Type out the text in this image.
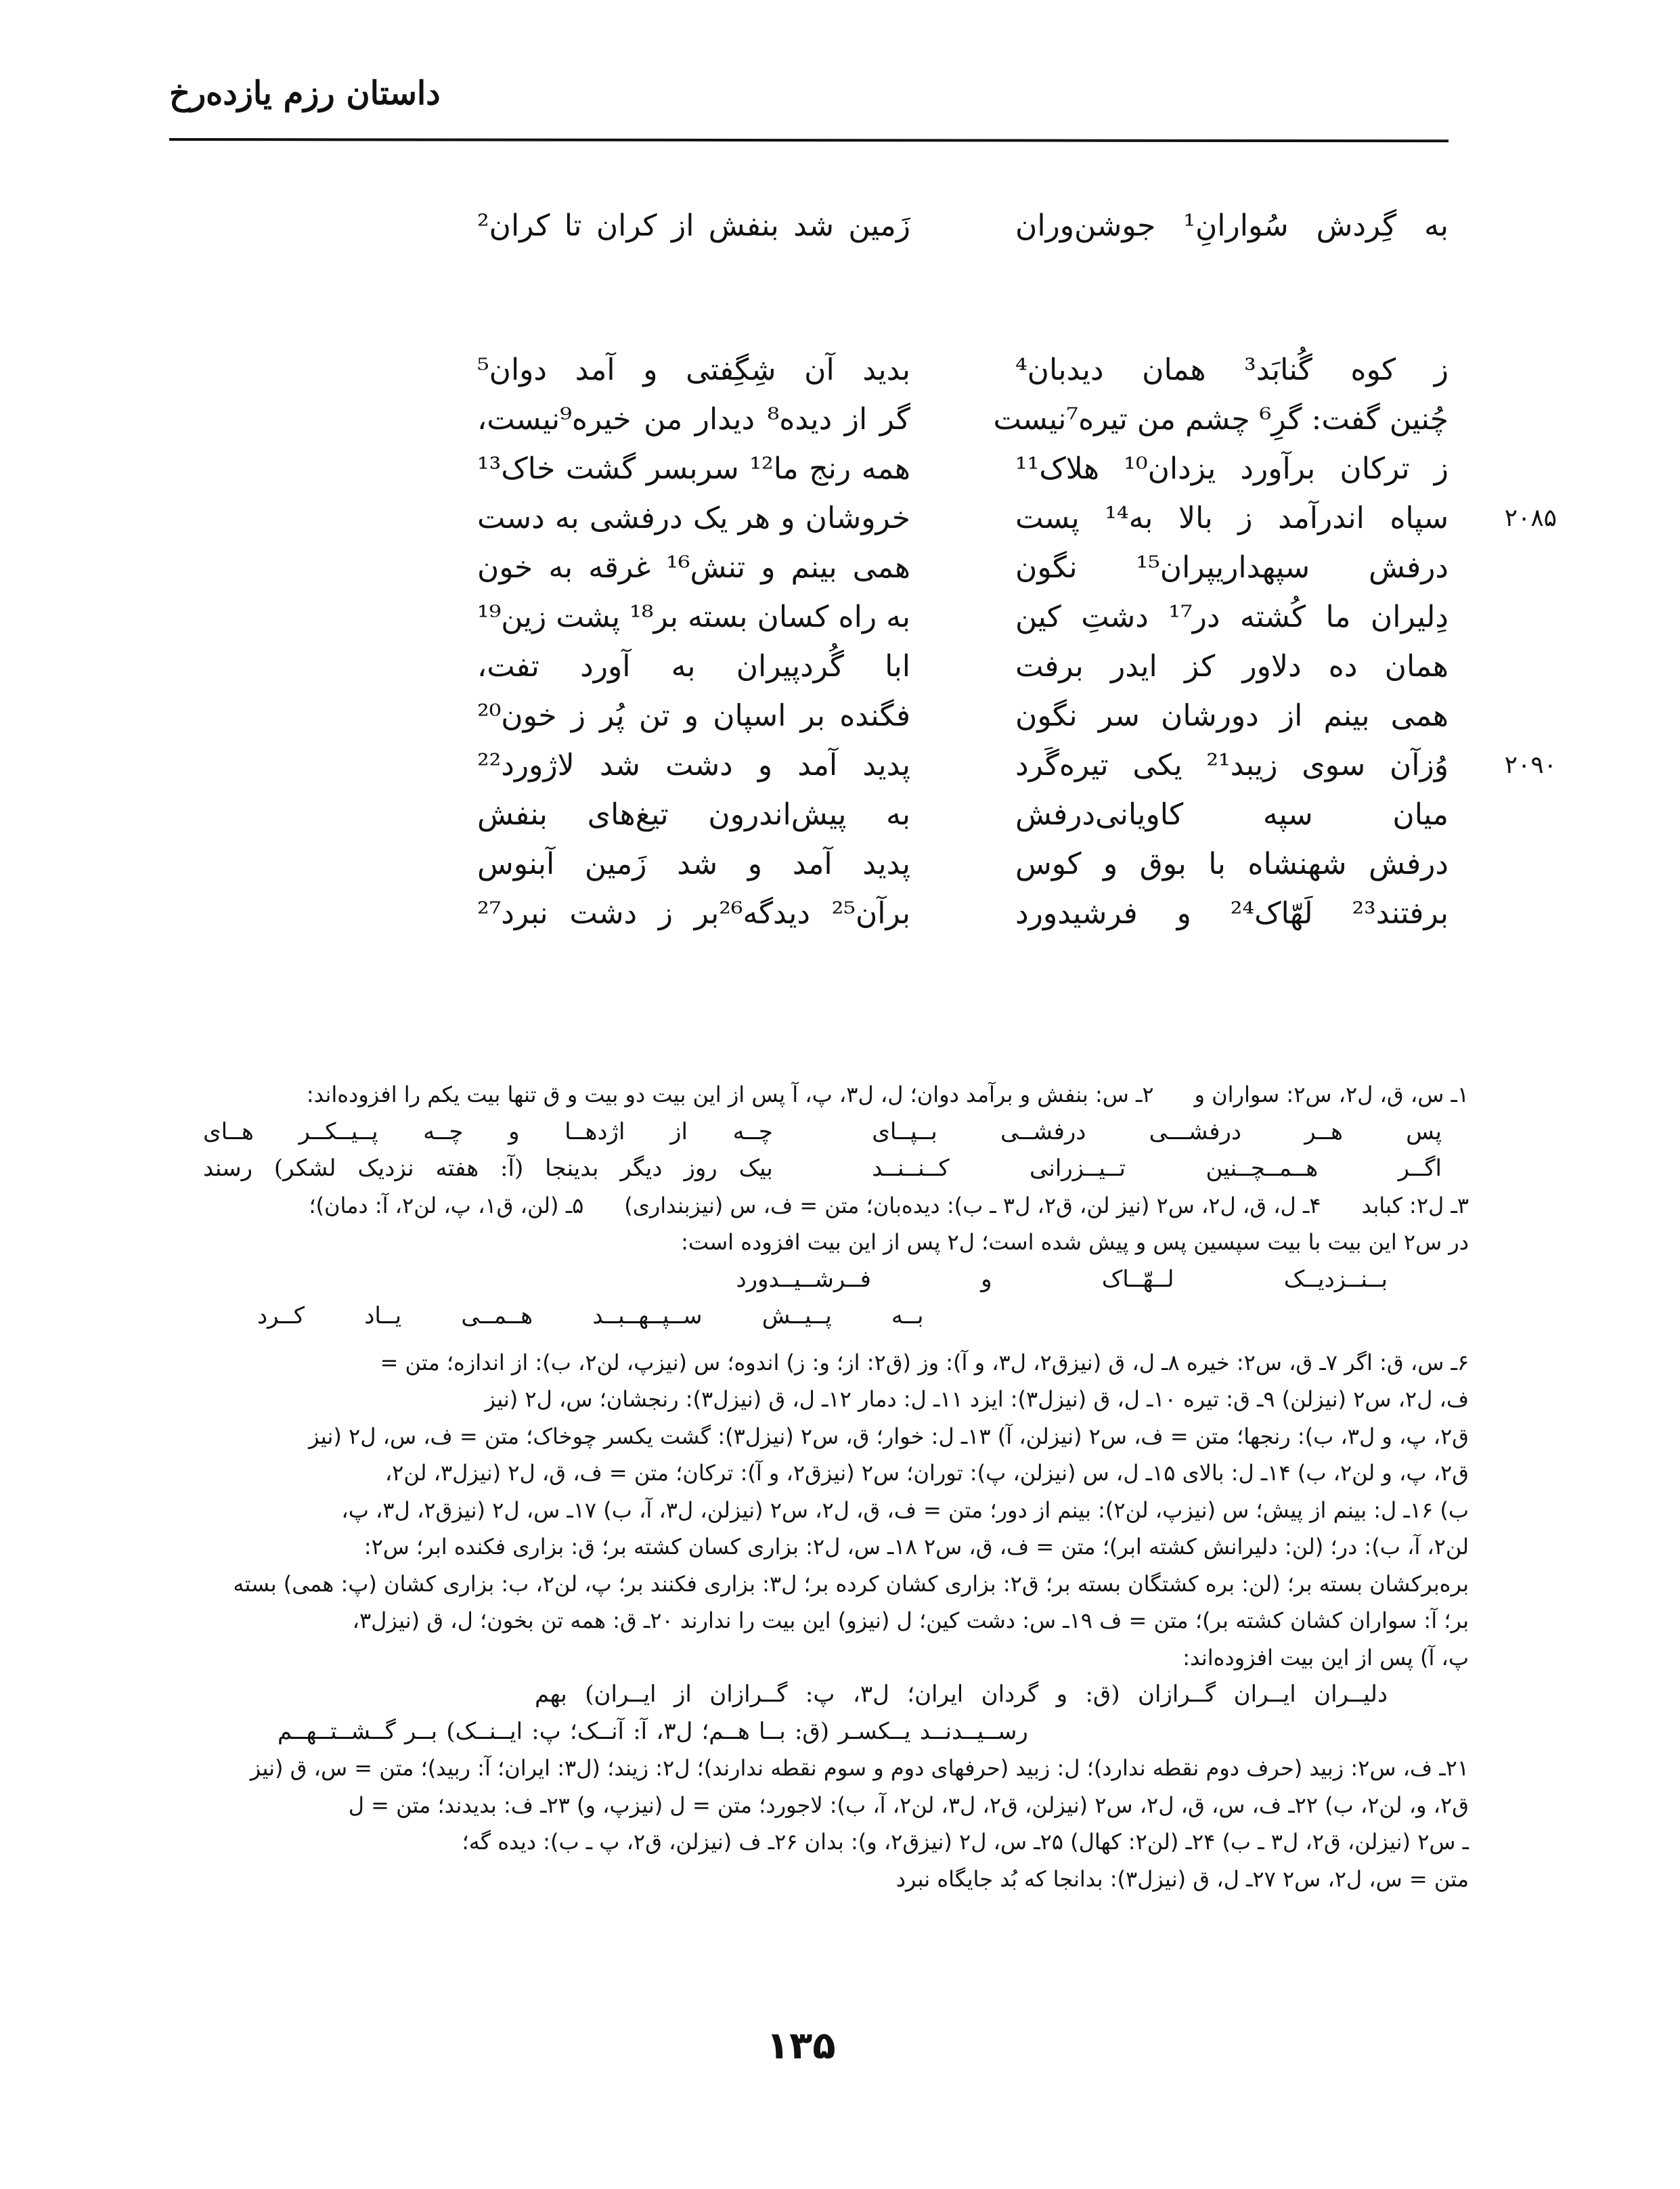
داستان رزم یازده‌رخ
به گِردش سُوارانِ¹ جوشن‌وران
زَمین شد بنفش از کران تا کران²
ز کوه گُنابَد³ همان دیدبان⁴
بدید آن شِگِفتی و آمد دوان⁵
چُنین گفت: گرِ⁶ چشم من تیره⁷نیست
گر از دیده⁸ دیدار من خیره⁹نیست،
ز ترکان برآورد یزدان¹⁰ هلاک¹¹
همه رنج ما¹² سربسر گشت خاک¹³
۲۰۸۵
سپاه اندرآمد ز بالا به¹⁴ پست
خروشان و هر یک درفشی به دست
درفش سپهداریپران¹⁵ نگون
همی بینم و تنش¹⁶ غرقه به خون
دِلیران ما کُشته در¹⁷ دشتِ کین
به راه کسان بسته بر¹⁸ پشت زین¹⁹
همان ده دلاور کز ایدر برفت
ابا گُردپیران به آورد تفت،
همی بینم از دورشان سر نگون
فگنده بر اسپان و تن پُر ز خون²⁰
۲۰۹۰
وُزآن سوی زیبد²¹ یکی تیره‌گَرد
پدید آمد و دشت شد لاژورد²²
میان سپه کاویانی‌درفش
به پیش‌اندرون تیغ‌های بنفش
درفش شهنشاه با بوق و کوس
پدید آمد و شد زَمین آبنوس
برفتند²³ لَهّاک²⁴ و فرشیدورد
برآن²⁵ دیدگه²⁶بر ز دشت نبرد²⁷
۱ـ س، ق، ل۲، س۲: سواران و۲ـ س: بنفش و برآمد دوان؛ ل، ل۳، پ، آ پس از این بیت دو بیت و ق تنها بیت یکم را افزوده‌اند:
پس هــر درفشـــی درفشــی بــپــای
چــه از اژدهــا و چــه پــیــکــر هــای
اگــر هــمــچــنین تــیــزرانی کــنــنــد
بیک روز دیگر بدینجا (آ: هفته نزدیک لشکر) رسند
۳ـ ل۲: کبابد۴ـ ل، ق، ل۲، س۲ (نیز لن، ق۲، ل۳ ـ ب): دیده‌بان؛ متن = ف، س (نیزبنداری)۵ـ (لن، ق۱، پ، لن۲، آ: دمان)؛
در س۲ این بیت با بیت سپسین پس و پیش شده است؛ ل۲ پس از این بیت افزوده است:
بــنــزدیــک لــهّــاک و فــرشــیــدورد
بــه پــیــش ســپــهــبــد هــمــی یــاد کــرد
۶ـ س، ق: اگر ۷ـ ق، س۲: خیره ۸ـ ل، ق (نیزق۲، ل۳، و آ): وز (ق۲: از؛ و: ز) اندوه؛ س (نیزپ، لن۲، ب): از اندازه؛ متن =
ف، ل۲، س۲ (نیزلن) ۹ـ ق: تیره ۱۰ـ ل، ق (نیزل۳): ایزد ۱۱ـ ل: دمار ۱۲ـ ل، ق (نیزل۳): رنجشان؛ س، ل۲ (نیز
ق۲، پ، و ل۳، ب): رنجها؛ متن = ف، س۲ (نیزلن، آ) ۱۳ـ ل: خوار؛ ق، س۲ (نیزل۳): گشت یکسر چوخاک؛ متن = ف، س، ل۲ (نیز
ق۲، پ، و لن۲، ب) ۱۴ـ ل: بالای ۱۵ـ ل، س (نیزلن، پ): توران؛ س۲ (نیزق۲، و آ): ترکان؛ متن = ف، ق، ل۲ (نیزل۳، لن۲،
ب) ۱۶ـ ل: بینم از پیش؛ س (نیزپ، لن۲): بینم از دور؛ متن = ف، ق، ل۲، س۲ (نیزلن، ل۳، آ، ب) ۱۷ـ س، ل۲ (نیزق۲، ل۳، پ،
لن۲، آ، ب): در؛ (لن: دلیرانش کشته ابر)؛ متن = ف، ق، س۲ ۱۸ـ س، ل۲: بزاری کسان کشته بر؛ ق: بزاری فکنده ابر؛ س۲:
بره‌برکشان بسته بر؛ (لن: بره کشتگان بسته بر؛ ق۲: بزاری کشان کرده بر؛ ل۳: بزاری فکنند بر؛ پ، لن۲، ب: بزاری کشان (پ: همی) بسته
بر؛ آ: سواران کشان کشته بر)؛ متن = ف ۱۹ـ س: دشت کین؛ ل (نیزو) این بیت را ندارند ۲۰ـ ق: همه تن بخون؛ ل، ق (نیزل۳،
پ، آ) پس از این بیت افزوده‌اند:
دلیــران ایــران گــرازان (ق: و گردان ایران؛ ل۳، پ: گــرازان از ایــران) بهم
رســیــدنــد یــکسـر (ق: بــا هــم؛ ل۳، آ: آنــک؛ پ: ایــنــک) بــر گــشــتــهــم
۲۱ـ ف، س۲: زبید (حرف دوم نقطه ندارد)؛ ل: زبید (حرفهای دوم و سوم نقطه ندارند)؛ ل۲: زیند؛ (ل۳: ایران؛ آ: ربید)؛ متن = س، ق (نیز
ق۲، و، لن۲، ب) ۲۲ـ ف، س، ق، ل۲، س۲ (نیزلن، ق۲، ل۳، لن۲، آ، ب): لاجورد؛ متن = ل (نیزپ، و) ۲۳ـ ف: بدیدند؛ متن = ل
ـ س۲ (نیزلن، ق۲، ل۳ ـ ب) ۲۴ـ (لن۲: کهال) ۲۵ـ س، ل۲ (نیزق۲، و): بدان ۲۶ـ ف (نیزلن، ق۲، پ ـ ب): دیده گه؛
متن = س، ل۲، س۲ ۲۷ـ ل، ق (نیزل۳): بدانجا که بُد جایگاه نبرد
۱۳۵
